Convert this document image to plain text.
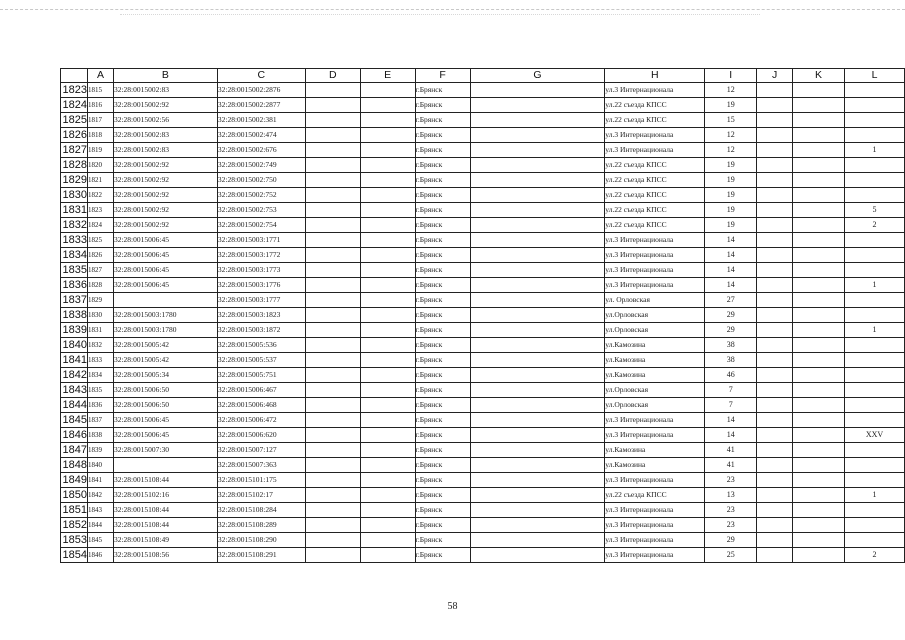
	A	B	C	D	E	F	G	H	I	J	K	L
1823	1815	32:28:0015002:83	32:28:0015002:2876			г.Брянск		ул.3 Интернационала	12			
1824	1816	32:28:0015002:92	32:28:0015002:2877			г.Брянск		ул.22 съезда КПСС	19			
1825	1817	32:28:0015002:56	32:28:0015002:381			г.Брянск		ул.22 съезда КПСС	15			
1826	1818	32:28:0015002:83	32:28:0015002:474			г.Брянск		ул.3 Интернационала	12			
1827	1819	32:28:0015002:83	32:28:0015002:676			г.Брянск		ул.3 Интернационала	12			1
1828	1820	32:28:0015002:92	32:28:0015002:749			г.Брянск		ул.22 съезда КПСС	19			
1829	1821	32:28:0015002:92	32:28:0015002:750			г.Брянск		ул.22 съезда КПСС	19			
1830	1822	32:28:0015002:92	32:28:0015002:752			г.Брянск		ул.22 съезда КПСС	19			
1831	1823	32:28:0015002:92	32:28:0015002:753			г.Брянск		ул.22 съезда КПСС	19			5
1832	1824	32:28:0015002:92	32:28:0015002:754			г.Брянск		ул.22 съезда КПСС	19			2
1833	1825	32:28:0015006:45	32:28:0015003:1771			г.Брянск		ул.3 Интернационала	14			
1834	1826	32:28:0015006:45	32:28:0015003:1772			г.Брянск		ул.3 Интернационала	14			
1835	1827	32:28:0015006:45	32:28:0015003:1773			г.Брянск		ул.3 Интернационала	14			
1836	1828	32:28:0015006:45	32:28:0015003:1776			г.Брянск		ул.3 Интернационала	14			1
1837	1829		32:28:0015003:1777			г.Брянск		ул. Орловская	27			
1838	1830	32:28:0015003:1780	32:28:0015003:1823			г.Брянск		ул.Орловская	29			
1839	1831	32:28:0015003:1780	32:28:0015003:1872			г.Брянск		ул.Орловская	29			1
1840	1832	32:28:0015005:42	32:28:0015005:536			г.Брянск		ул.Камозина	38			
1841	1833	32:28:0015005:42	32:28:0015005:537			г.Брянск		ул.Камозина	38			
1842	1834	32:28:0015005:34	32:28:0015005:751			г.Брянск		ул.Камозина	46			
1843	1835	32:28:0015006:50	32:28:0015006:467			г.Брянск		ул.Орловская	7			
1844	1836	32:28:0015006:50	32:28:0015006:468			г.Брянск		ул.Орловская	7			
1845	1837	32:28:0015006:45	32:28:0015006:472			г.Брянск		ул.3 Интернационала	14			
1846	1838	32:28:0015006:45	32:28:0015006:620			г.Брянск		ул.3 Интернационала	14			XXV
1847	1839	32:28:0015007:30	32:28:0015007:127			г.Брянск		ул.Камозина	41			
1848	1840		32:28:0015007:363			г.Брянск		ул.Камозина	41			
1849	1841	32:28:0015108:44	32:28:0015101:175			г.Брянск		ул.3 Интернационала	23			
1850	1842	32:28:0015102:16	32:28:0015102:17			г.Брянск		ул.22 съезда КПСС	13			1
1851	1843	32:28:0015108:44	32:28:0015108:284			г.Брянск		ул.3 Интернационала	23			
1852	1844	32:28:0015108:44	32:28:0015108:289			г.Брянск		ул.3 Интернационала	23			
1853	1845	32:28:0015108:49	32:28:0015108:290			г.Брянск		ул.3 Интернационала	29			
1854	1846	32:28:0015108:56	32:28:0015108:291			г.Брянск		ул.3 Интернационала	25			2
58
